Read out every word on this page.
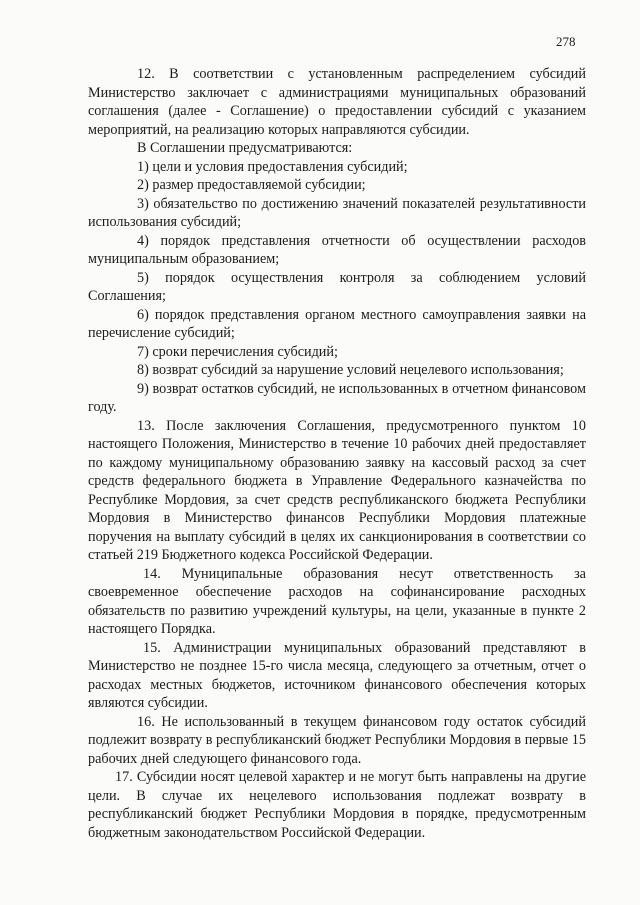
278

12. В соответствии с установленным распределением субсидий Министерство заключает с администрациями муниципальных образований соглашения (далее - Соглашение) о предоставлении субсидий с указанием мероприятий, на реализацию которых направляются субсидии.

В Соглашении предусматриваются:

1) цели и условия предоставления субсидий;

2) размер предоставляемой субсидии;

3) обязательство по достижению значений показателей результативности использования субсидий;

4) порядок представления отчетности об осуществлении расходов муниципальным образованием;

5) порядок осуществления контроля за соблюдением условий Соглашения;

6) порядок представления органом местного самоуправления заявки на перечисление субсидий;

7) сроки перечисления субсидий;

8) возврат субсидий за нарушение условий нецелевого использования;

9) возврат остатков субсидий, не использованных в отчетном финансовом году.

13. После заключения Соглашения, предусмотренного пунктом 10 настоящего Положения, Министерство в течение 10 рабочих дней предоставляет по каждому муниципальному образованию заявку на кассовый расход за счет средств федерального бюджета в Управление Федерального казначейства по Республике Мордовия, за счет средств республиканского бюджета Республики Мордовия в Министерство финансов Республики Мордовия платежные поручения на выплату субсидий в целях их санкционирования в соответствии со статьей 219 Бюджетного кодекса Российской Федерации.

14. Муниципальные образования несут ответственность за своевременное обеспечение расходов на софинансирование расходных обязательств по развитию учреждений культуры, на цели, указанные в пункте 2 настоящего Порядка.

15. Администрации муниципальных образований представляют в Министерство не позднее 15-го числа месяца, следующего за отчетным, отчет о расходах местных бюджетов, источником финансового обеспечения которых являются субсидии.

16. Не использованный в текущем финансовом году остаток субсидий подлежит возврату в республиканский бюджет Республики Мордовия в первые 15 рабочих дней следующего финансового года.

17. Субсидии носят целевой характер и не могут быть направлены на другие цели. В случае их нецелевого использования подлежат возврату в республиканский бюджет Республики Мордовия в порядке, предусмотренным бюджетным законодательством Российской Федерации.
